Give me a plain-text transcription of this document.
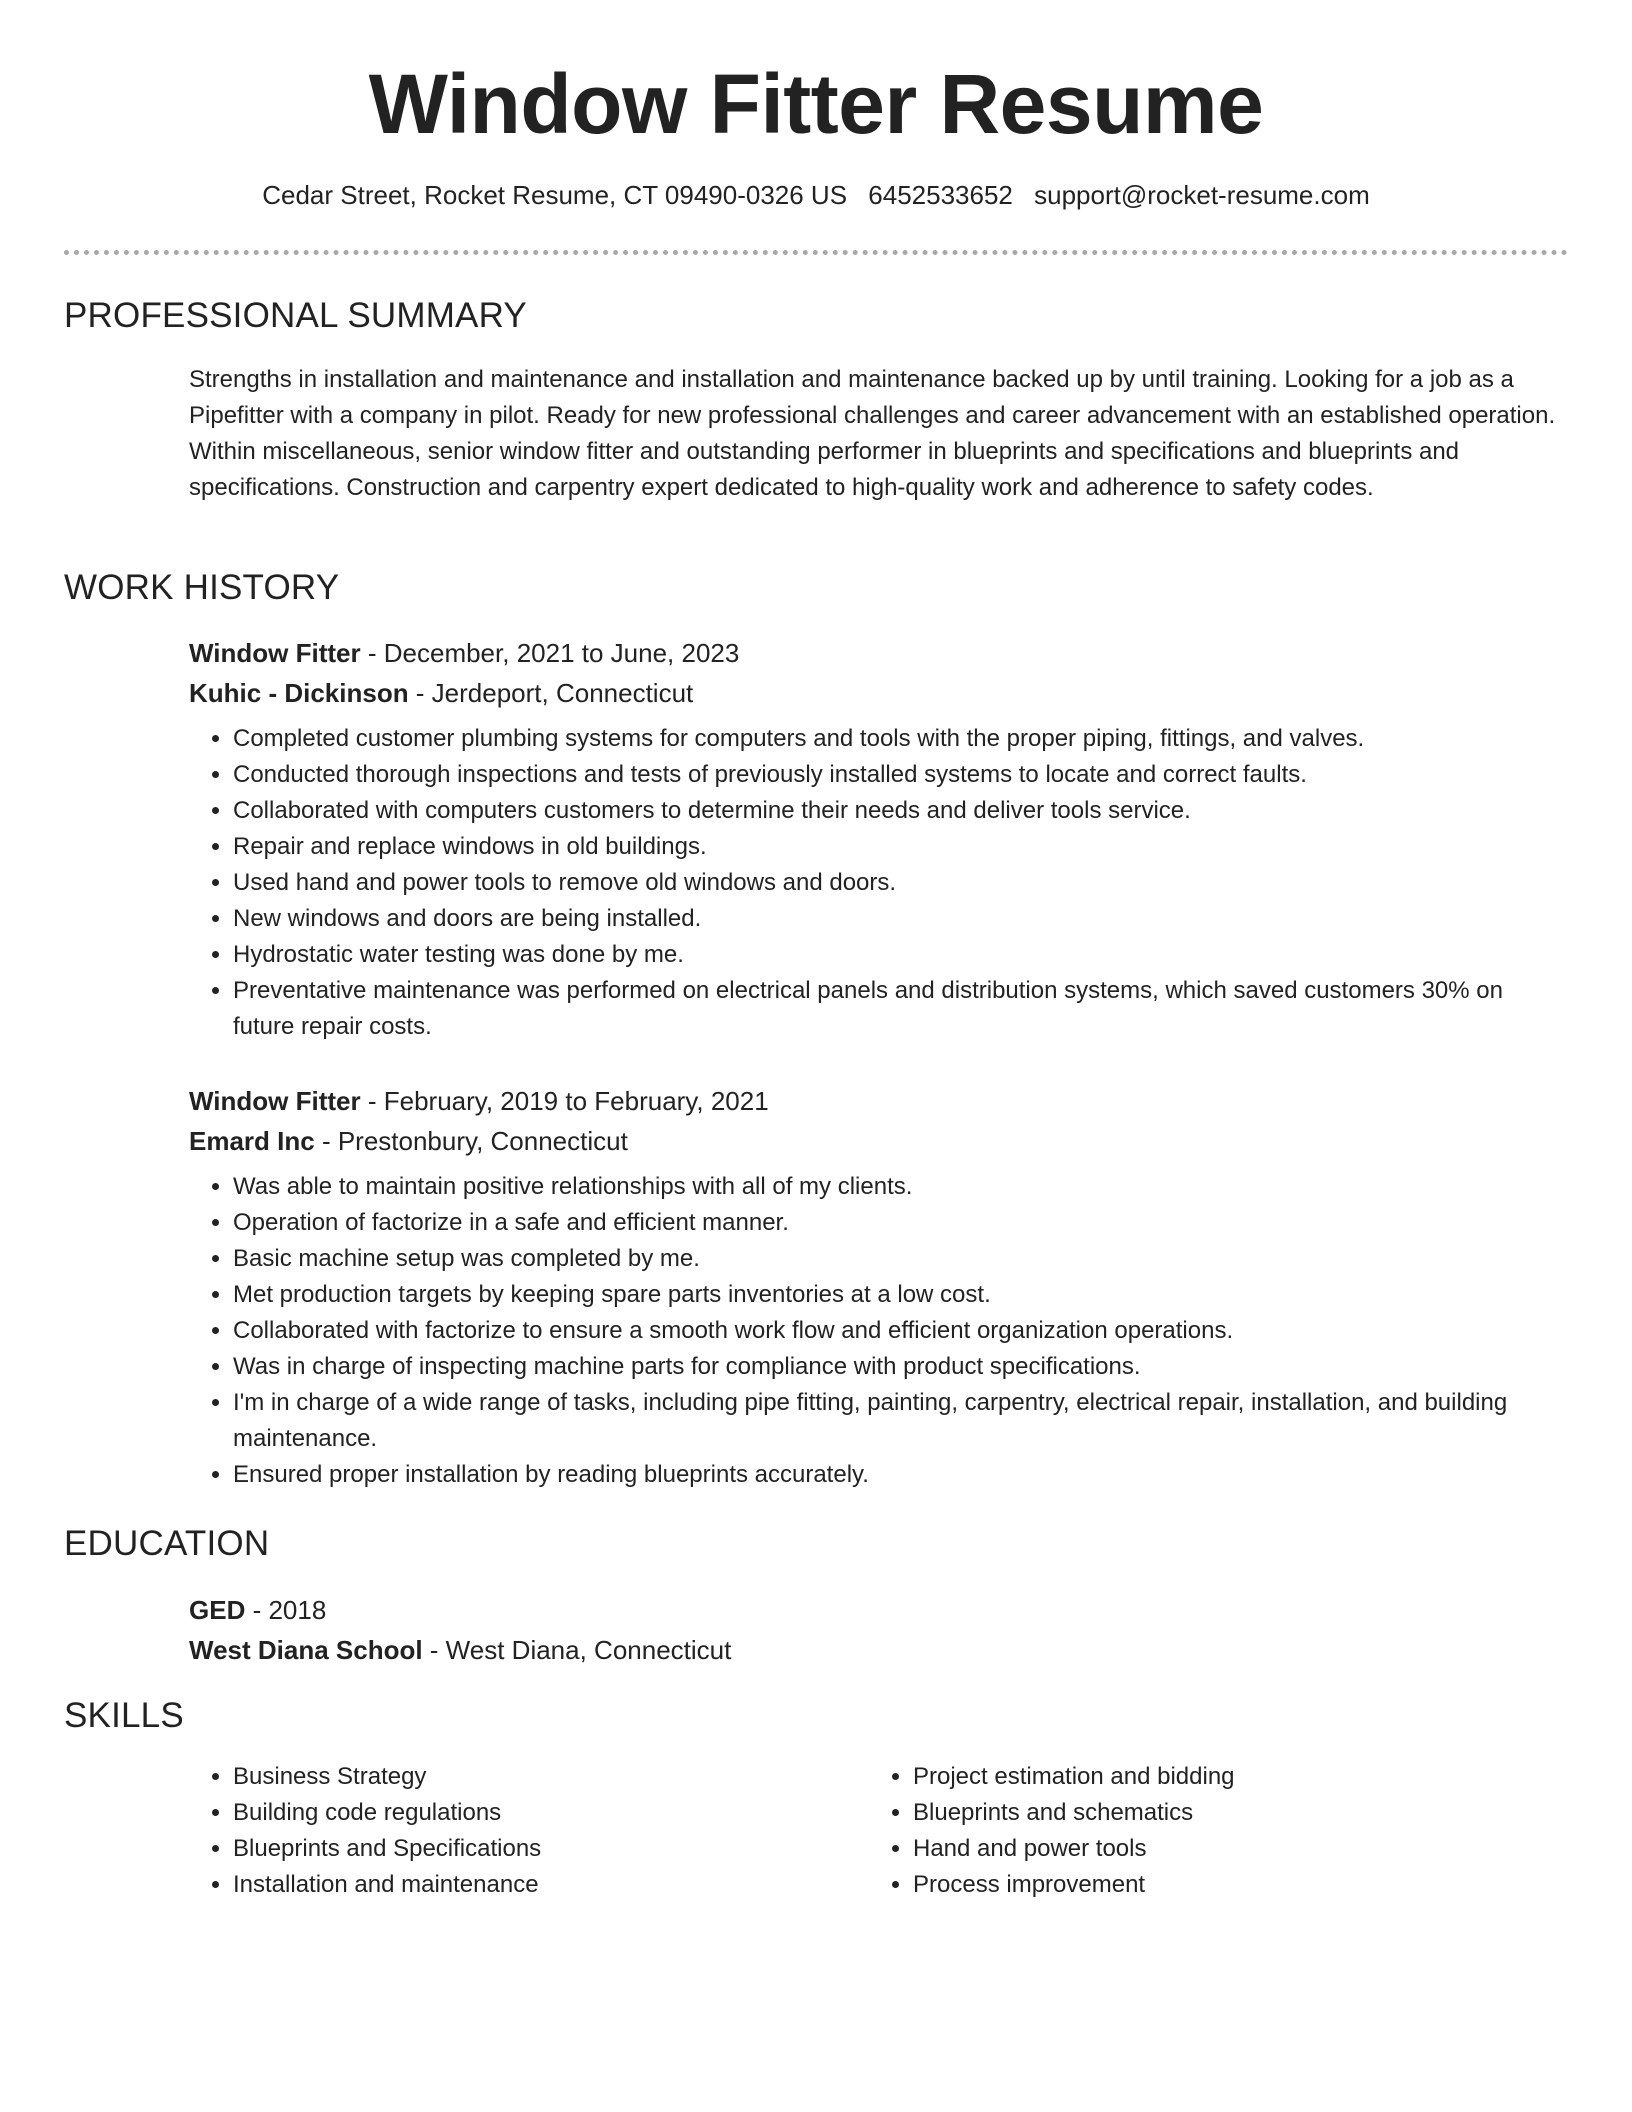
Window Fitter Resume
Cedar Street, Rocket Resume, CT 09490-0326 US 6452533652 support@rocket-resume.com
PROFESSIONAL SUMMARY

Strengths in installation and maintenance and installation and maintenance backed up by until training. Looking for a job as a Pipefitter with a company in pilot. Ready for new professional challenges and career advancement with an established operation. Within miscellaneous, senior window fitter and outstanding performer in blueprints and specifications and blueprints and specifications. Construction and carpentry expert dedicated to high-quality work and adherence to safety codes.

WORK HISTORY
Window Fitter - December, 2021 to June, 2023
Kuhic - Dickinson - Jerdeport, Connecticut
• Completed customer plumbing systems for computers and tools with the proper piping, fittings, and valves.
• Conducted thorough inspections and tests of previously installed systems to locate and correct faults.
• Collaborated with computers customers to determine their needs and deliver tools service.
• Repair and replace windows in old buildings.
• Used hand and power tools to remove old windows and doors.
• New windows and doors are being installed.
• Hydrostatic water testing was done by me.
• Preventative maintenance was performed on electrical panels and distribution systems, which saved customers 30% on future repair costs.
Window Fitter - February, 2019 to February, 2021
Emard Inc - Prestonbury, Connecticut
• Was able to maintain positive relationships with all of my clients.
• Operation of factorize in a safe and efficient manner.
• Basic machine setup was completed by me.
• Met production targets by keeping spare parts inventories at a low cost.
• Collaborated with factorize to ensure a smooth work flow and efficient organization operations.
• Was in charge of inspecting machine parts for compliance with product specifications.
• I'm in charge of a wide range of tasks, including pipe fitting, painting, carpentry, electrical repair, installation, and building maintenance.
• Ensured proper installation by reading blueprints accurately.
EDUCATION
GED - 2018
West Diana School - West Diana, Connecticut
SKILLS
• Business Strategy
• Building code regulations
• Blueprints and Specifications
• Installation and maintenance
• Project estimation and bidding
• Blueprints and schematics
• Hand and power tools
• Process improvement
